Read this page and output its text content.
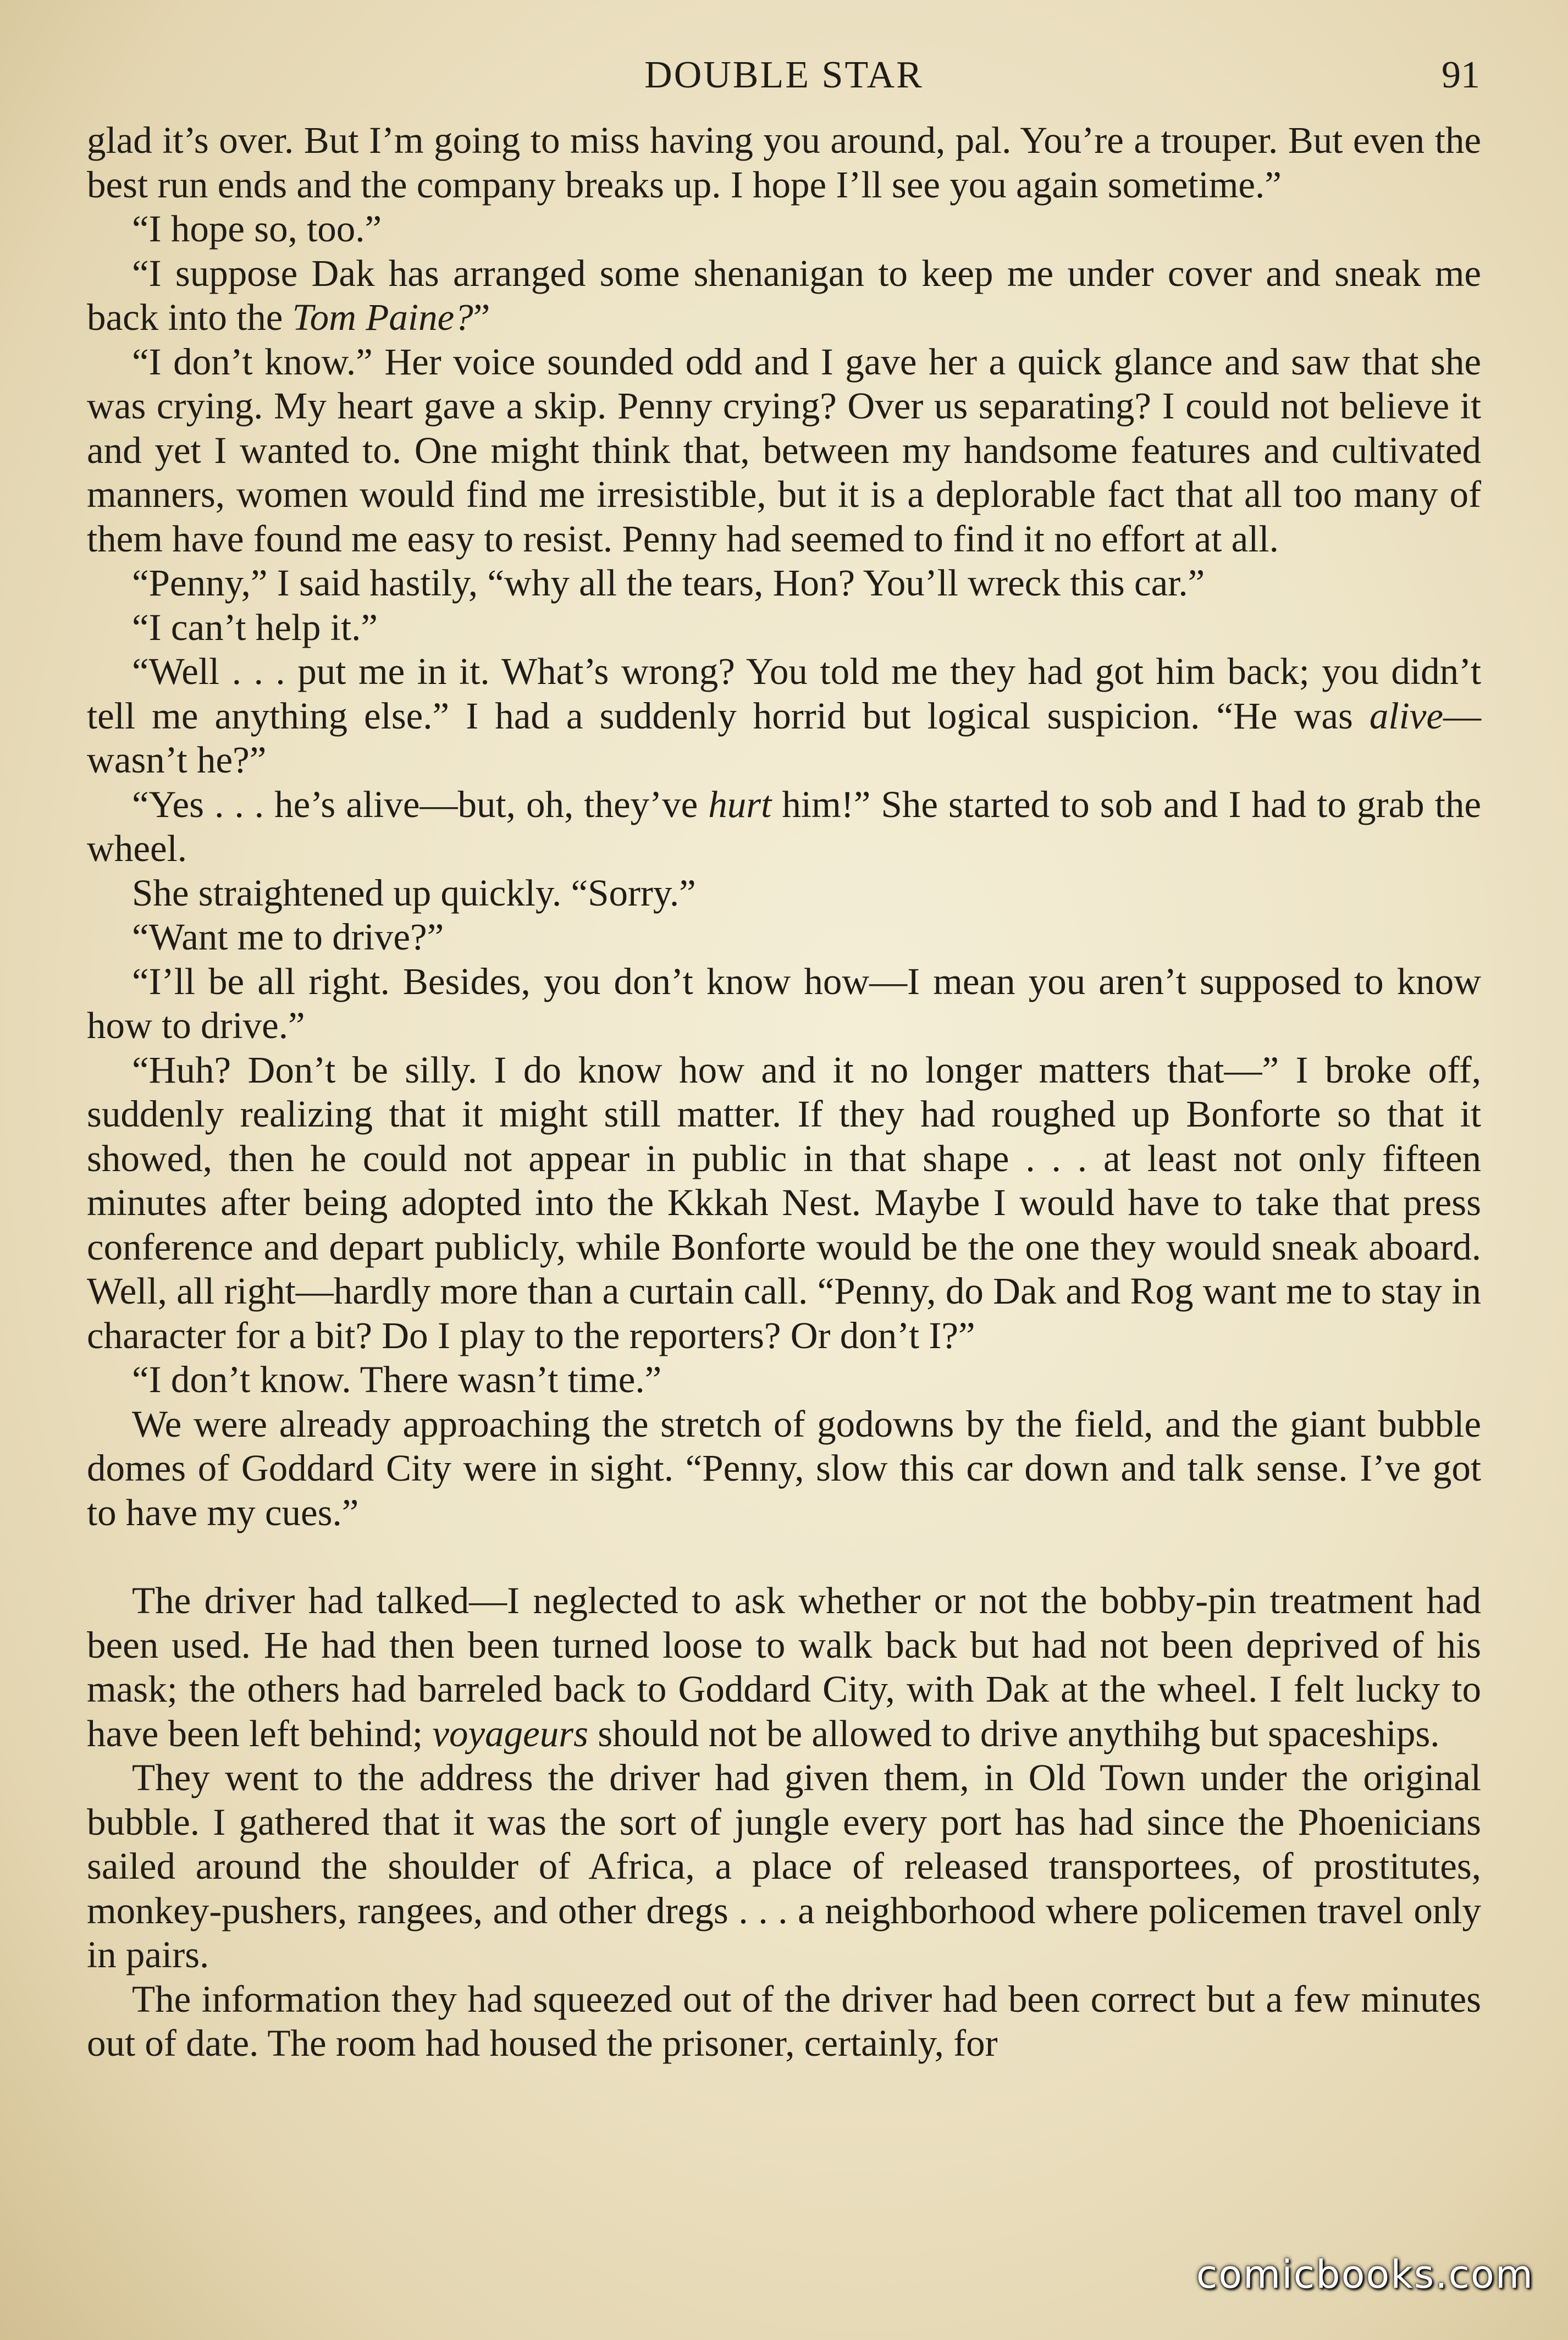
DOUBLE STAR	91

glad it’s over. But I’m going to miss having you around, pal. You’re a trouper. But even the best run ends and the company breaks up. I hope I’ll see you again sometime.”

“I hope so, too.”

“I suppose Dak has arranged some shenanigan to keep me under cover and sneak me back into the Tom Paine?”

“I don’t know.” Her voice sounded odd and I gave her a quick glance and saw that she was crying. My heart gave a skip. Penny crying? Over us separating? I could not believe it and yet I wanted to. One might think that, between my handsome features and cultivated manners, women would find me irresistible, but it is a deplorable fact that all too many of them have found me easy to resist. Penny had seemed to find it no effort at all.

“Penny,” I said hastily, “why all the tears, Hon? You’ll wreck this car.”

“I can’t help it.”

“Well . . . put me in it. What’s wrong? You told me they had got him back; you didn’t tell me anything else.” I had a suddenly horrid but logical suspicion. “He was alive—wasn’t he?”

“Yes . . . he’s alive—but, oh, they’ve hurt him!” She started to sob and I had to grab the wheel.

She straightened up quickly. “Sorry.”

“Want me to drive?”

“I’ll be all right. Besides, you don’t know how—I mean you aren’t supposed to know how to drive.”

“Huh? Don’t be silly. I do know how and it no longer matters that—” I broke off, suddenly realizing that it might still matter. If they had roughed up Bonforte so that it showed, then he could not appear in public in that shape . . . at least not only fifteen minutes after being adopted into the Kkkah Nest. Maybe I would have to take that press conference and depart publicly, while Bonforte would be the one they would sneak aboard. Well, all right—hardly more than a curtain call. “Penny, do Dak and Rog want me to stay in character for a bit? Do I play to the reporters? Or don’t I?”

“I don’t know. There wasn’t time.”

We were already approaching the stretch of godowns by the field, and the giant bubble domes of Goddard City were in sight. “Penny, slow this car down and talk sense. I’ve got to have my cues.”

The driver had talked—I neglected to ask whether or not the bobby-pin treatment had been used. He had then been turned loose to walk back but had not been deprived of his mask; the others had barreled back to Goddard City, with Dak at the wheel. I felt lucky to have been left behind; voyageurs should not be allowed to drive anythihg but spaceships.

They went to the address the driver had given them, in Old Town under the original bubble. I gathered that it was the sort of jungle every port has had since the Phoenicians sailed around the shoulder of Africa, a place of released transportees, of prostitutes, monkey-pushers, rangees, and other dregs . . . a neighborhood where policemen travel only in pairs.

The information they had squeezed out of the driver had been correct but a few minutes out of date. The room had housed the prisoner, certainly, for

comicbooks.com
